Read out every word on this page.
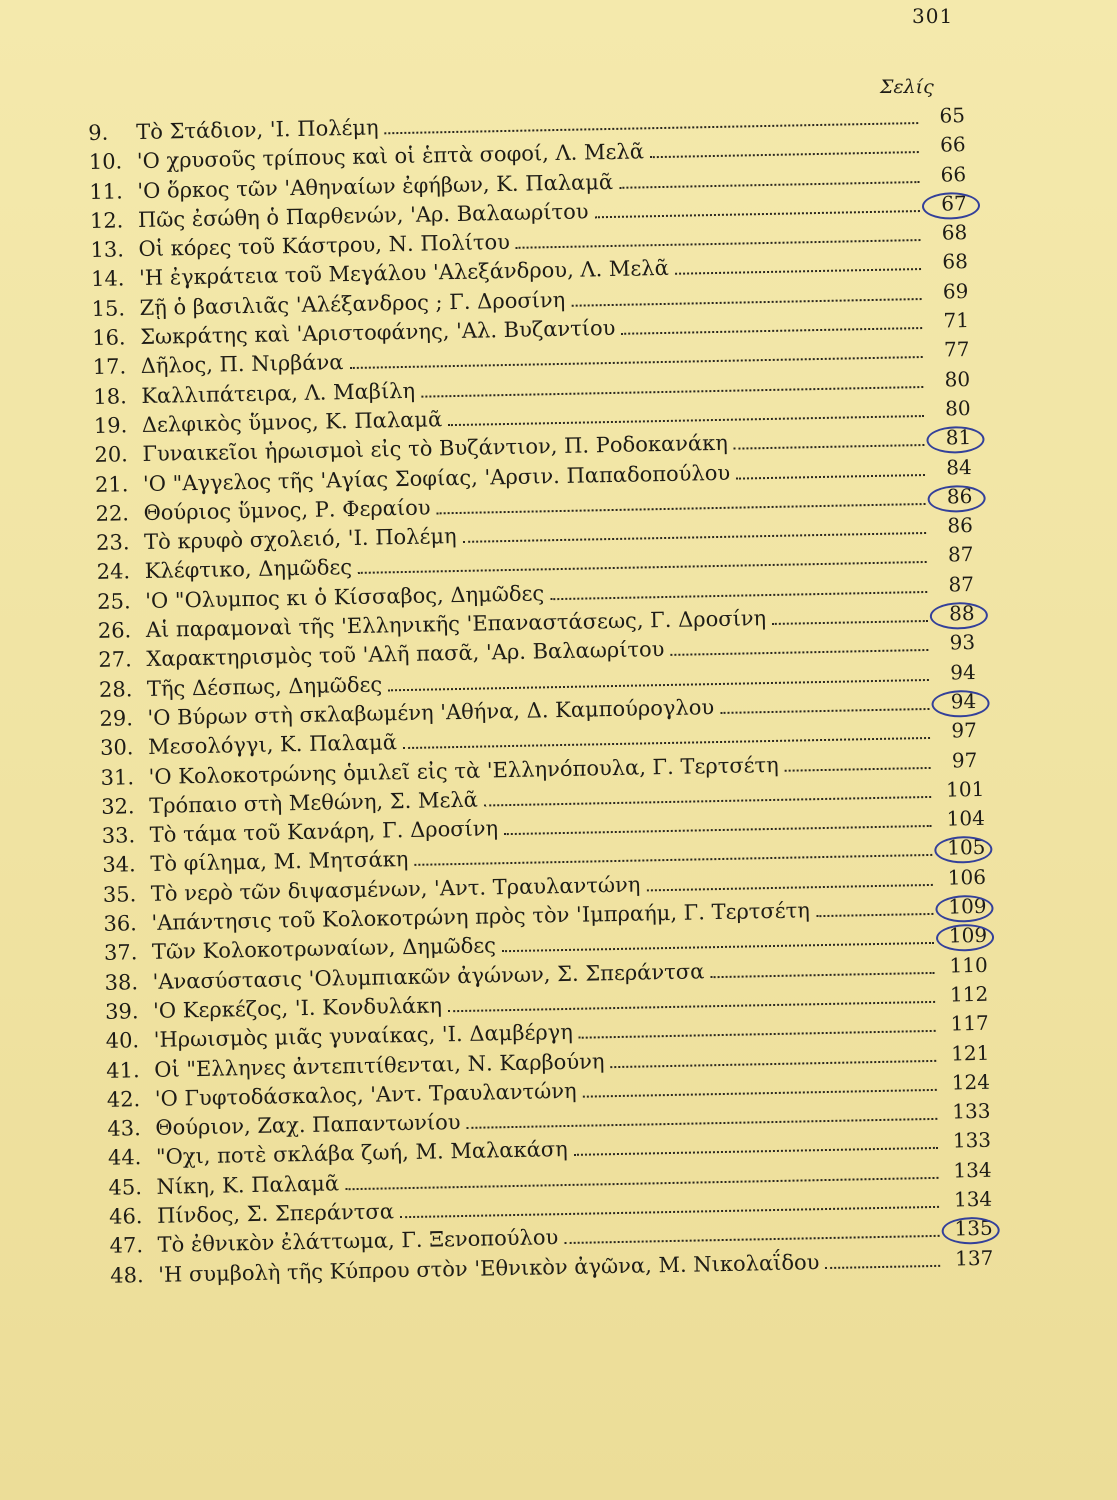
301
Σελίς
9.	Τὸ Στάδιον, 'Ι. Πολέμη
10. 'Ο χρυσοῦς τρίπους καὶ οἱ ἑπτὰ σοφοί, Λ. Μελᾶ
11. 'Ο ὅρκος τῶν 'Αθηναίων ἐφήβων, Κ. Παλαμᾶ
12. Πῶς ἐσώθη ὁ Παρθενών, 'Αρ. Βαλαωρίτου
13. Οἱ κόρες τοῦ Κάστρου, Ν. Πολίτου
14. 'Η ἐγκράτεια τοῦ Μεγάλου 'Αλεξάνδρου, Λ. Μελᾶ
15. Ζῇ ὁ βασιλιᾶς 'Αλέξανδρος ; Γ. Δροσίνη
16. Σωκράτης καὶ 'Αριστοφάνης, 'Αλ. Βυζαντίου
17. Δῆλος, Π. Νιρβάνα
18. Καλλιπάτειρα, Λ. Μαβίλη
19. Δελφικὸς ὕμνος, Κ. Παλαμᾶ
20. Γυναικεῖοι ἡρωισμοὶ εἰς τὸ Βυζάντιον, Π. Ροδοκανάκη
21. 'Ο "Αγγελος τῆς 'Αγίας Σοφίας, 'Αρσιν. Παπαδοπούλου
22. Θούριος ὕμνος, Ρ. Φεραίου
23. Τὸ κρυφὸ σχολειό, 'Ι. Πολέμη
24. Κλέφτικο, Δημῶδες
25. 'Ο "Ολυμπος κι ὁ Κίσσαβος, Δημῶδες
26. Αἱ παραμοναὶ τῆς 'Ελληνικῆς 'Επαναστάσεως, Γ. Δροσίνη
27. Χαρακτηρισμὸς τοῦ 'Αλῆ πασᾶ, 'Αρ. Βαλαωρίτου
28. Τῆς Δέσπως, Δημῶδες
29. 'Ο Βύρων στὴ σκλαβωμένη 'Αθήνα, Δ. Καμπούρογλου
30. Μεσολόγγι, Κ. Παλαμᾶ
31. 'Ο Κολοκοτρώνης ὁμιλεῖ εἰς τὰ 'Ελληνόπουλα, Γ. Τερτσέτη
32. Τρόπαιο στὴ Μεθώνη, Σ. Μελᾶ
33. Τὸ τάμα τοῦ Κανάρη, Γ. Δροσίνη
34. Τὸ φίλημα, Μ. Μητσάκη
35. Τὸ νερὸ τῶν διψασμένων, 'Αντ. Τραυλαντώνη
36. 'Απάντησις τοῦ Κολοκοτρώνη πρὸς τὸν 'Ιμπραήμ, Γ. Τερτσέτη
37. Τῶν Κολοκοτρωναίων, Δημῶδες
38. 'Ανασύστασις 'Ολυμπιακῶν ἀγώνων, Σ. Σπεράντσα
39. 'Ο Κερκέζος, 'Ι. Κονδυλάκη
40. 'Ηρωισμὸς μιᾶς γυναίκας, 'Ι. Δαμβέργη
41. Οἱ "Ελληνες ἀντεπιτίθενται, Ν. Καρβούνη
42. 'Ο Γυφτοδάσκαλος, 'Αντ. Τραυλαντώνη
43. Θούριον, Ζαχ. Παπαντωνίου
44. "Οχι, ποτὲ σκλάβα ζωή, Μ. Μαλακάση
45. Νίκη, Κ. Παλαμᾶ
46. Πίνδος, Σ. Σπεράντσα
47. Τὸ ἐθνικὸν ἐλάττωμα, Γ. Ξενοπούλου
48. 'Η συμβολὴ τῆς Κύπρου στὸν 'Εθνικὸν ἀγῶνα, Μ. Νικολαΐδου
65
66
66
67
68
68
69
71
77
80
80
81
84
86
86
87
87
88
93
94
94
97
97
101
104
105
106
109
109
110
112
117
121
124
133
133
134
134
135
137
